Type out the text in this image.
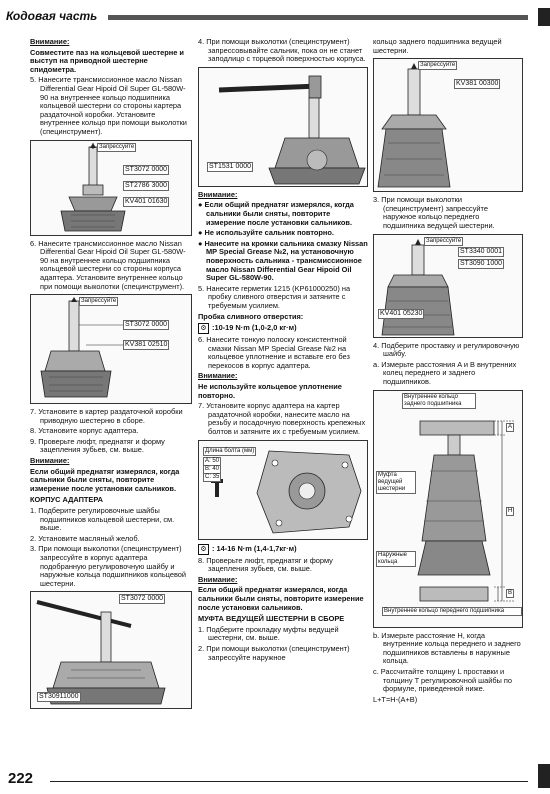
Кодовая часть

Внимание:

Совместите паз на кольцевой шестерне и выступ на приводной шестерне спидометра.

5. Нанесите трансмиссионное масло Nissan Differential Gear Hipoid Oil Super GL-580W-90 на внутреннее кольцо подшипника кольцевой шестерни со стороны картера раздаточной коробки. Установите внутреннее кольцо при помощи выколотки (специнструмент).

Запрессуйте
ST3072 0000
ST2786 3000
KV401 01630

6. Нанесите трансмиссионное масло Nissan Differential Gear Hipoid Oil Super GL-580W-90 на внутреннее кольцо подшипника кольцевой шестерни со стороны корпуса адаптера. Установите внутреннее кольцо при помощи выколотки (специнструмент).

Запрессуйте
ST3072 0000
KV381 02510

7. Установите в картер раздаточной коробки приводную шестерню в сборе.

8. Установите корпус адаптера.

9. Проверьте люфт, преднатяг и форму зацепления зубьев, см. выше.

Внимание:

Если общий преднатяг измерялся, когда сальники были сняты, повторите измерение после установки сальников.

КОРПУС АДАПТЕРА

1. Подберите регулировочные шайбы подшипников кольцевой шестерни, см. выше.

2. Установите масляный желоб.

3. При помощи выколотки (специнструмент) запрессуйте в корпус адаптера подобранную регулировочную шайбу и наружные кольца подшипников кольцевой шестерни.

ST3072 0000
ST30911000

4. При помощи выколотки (специнструмент) запрессовывайте сальник, пока он не станет заподлицо с торцевой поверхностью корпуса.

ST1531 0000

Внимание:

● Если общий преднатяг измерялся, когда сальники были сняты, повторите измерение после установки сальников.

● Не используйте сальник повторно.

● Нанесите на кромки сальника смазку Nissan MP Special Grease №2, на установочную поверхность сальника - трансмиссионное масло Nissan Differential Gear Hipoid Oil Super GL-580W-90.

5. Нанесите герметик 1215 (KP61000250) на пробку сливного отверстия и затяните с требуемым усилием.

Пробка сливного отверстия:

⚙ :10-19 N·m (1,0-2,0 кг·м)

6. Нанесите тонкую полоску консистентной смазки Nissan MP Special Grease №2 на кольцевое уплотнение и вставьте его без перекосов в корпус адаптера.

Внимание:

Не используйте кольцевое уплотнение повторно.

7. Установите корпус адаптера на картер раздаточной коробки, нанесите масло на резьбу и посадочную поверхность крепежных болтов и затяните их с требуемым усилием.

Длина болта (мм)
A: 50
B: 40
C: 35
⚙ : 14-16 N·m (1,4-1,7кг·м)

8. Проверьте люфт, преднатяг и форму зацепления зубьев, см. выше.

Внимание:

Если общий преднатяг измерялся, когда сальники были сняты, повторите измерение после установки сальников.

МУФТА ВЕДУЩЕЙ ШЕСТЕРНИ В СБОРЕ

1. Подберите прокладку муфты ведущей шестерни, см. выше.

2. При помощи выколотки (специнструмент) запрессуйте наружное

кольцо заднего подшипника ведущей шестерни.

Запрессуйте
KV381 00300

3. При помощи выколотки (специнструмент) запрессуйте наружное кольцо переднего подшипника ведущей шестерни.

Запрессуйте
ST3340 0001
ST3090 1000
KV401 05230

4. Подберите проставку и регулировочную шайбу.

a. Измерьте расстояния A и B внутренних колец переднего и заднего подшипников.

Внутреннее кольцо заднего подшипника
Муфта ведущей шестерни
Наружные кольца
Внутреннее кольцо переднего подшипника
A
H
B

b. Измерьте расстояние H, когда внутренние кольца переднего и заднего подшипников вставлены в наружные кольца.

c. Рассчитайте толщину L проставки и толщину T регулировочной шайбы по формуле, приведенной ниже.

L+T=H-(A+B)

222
